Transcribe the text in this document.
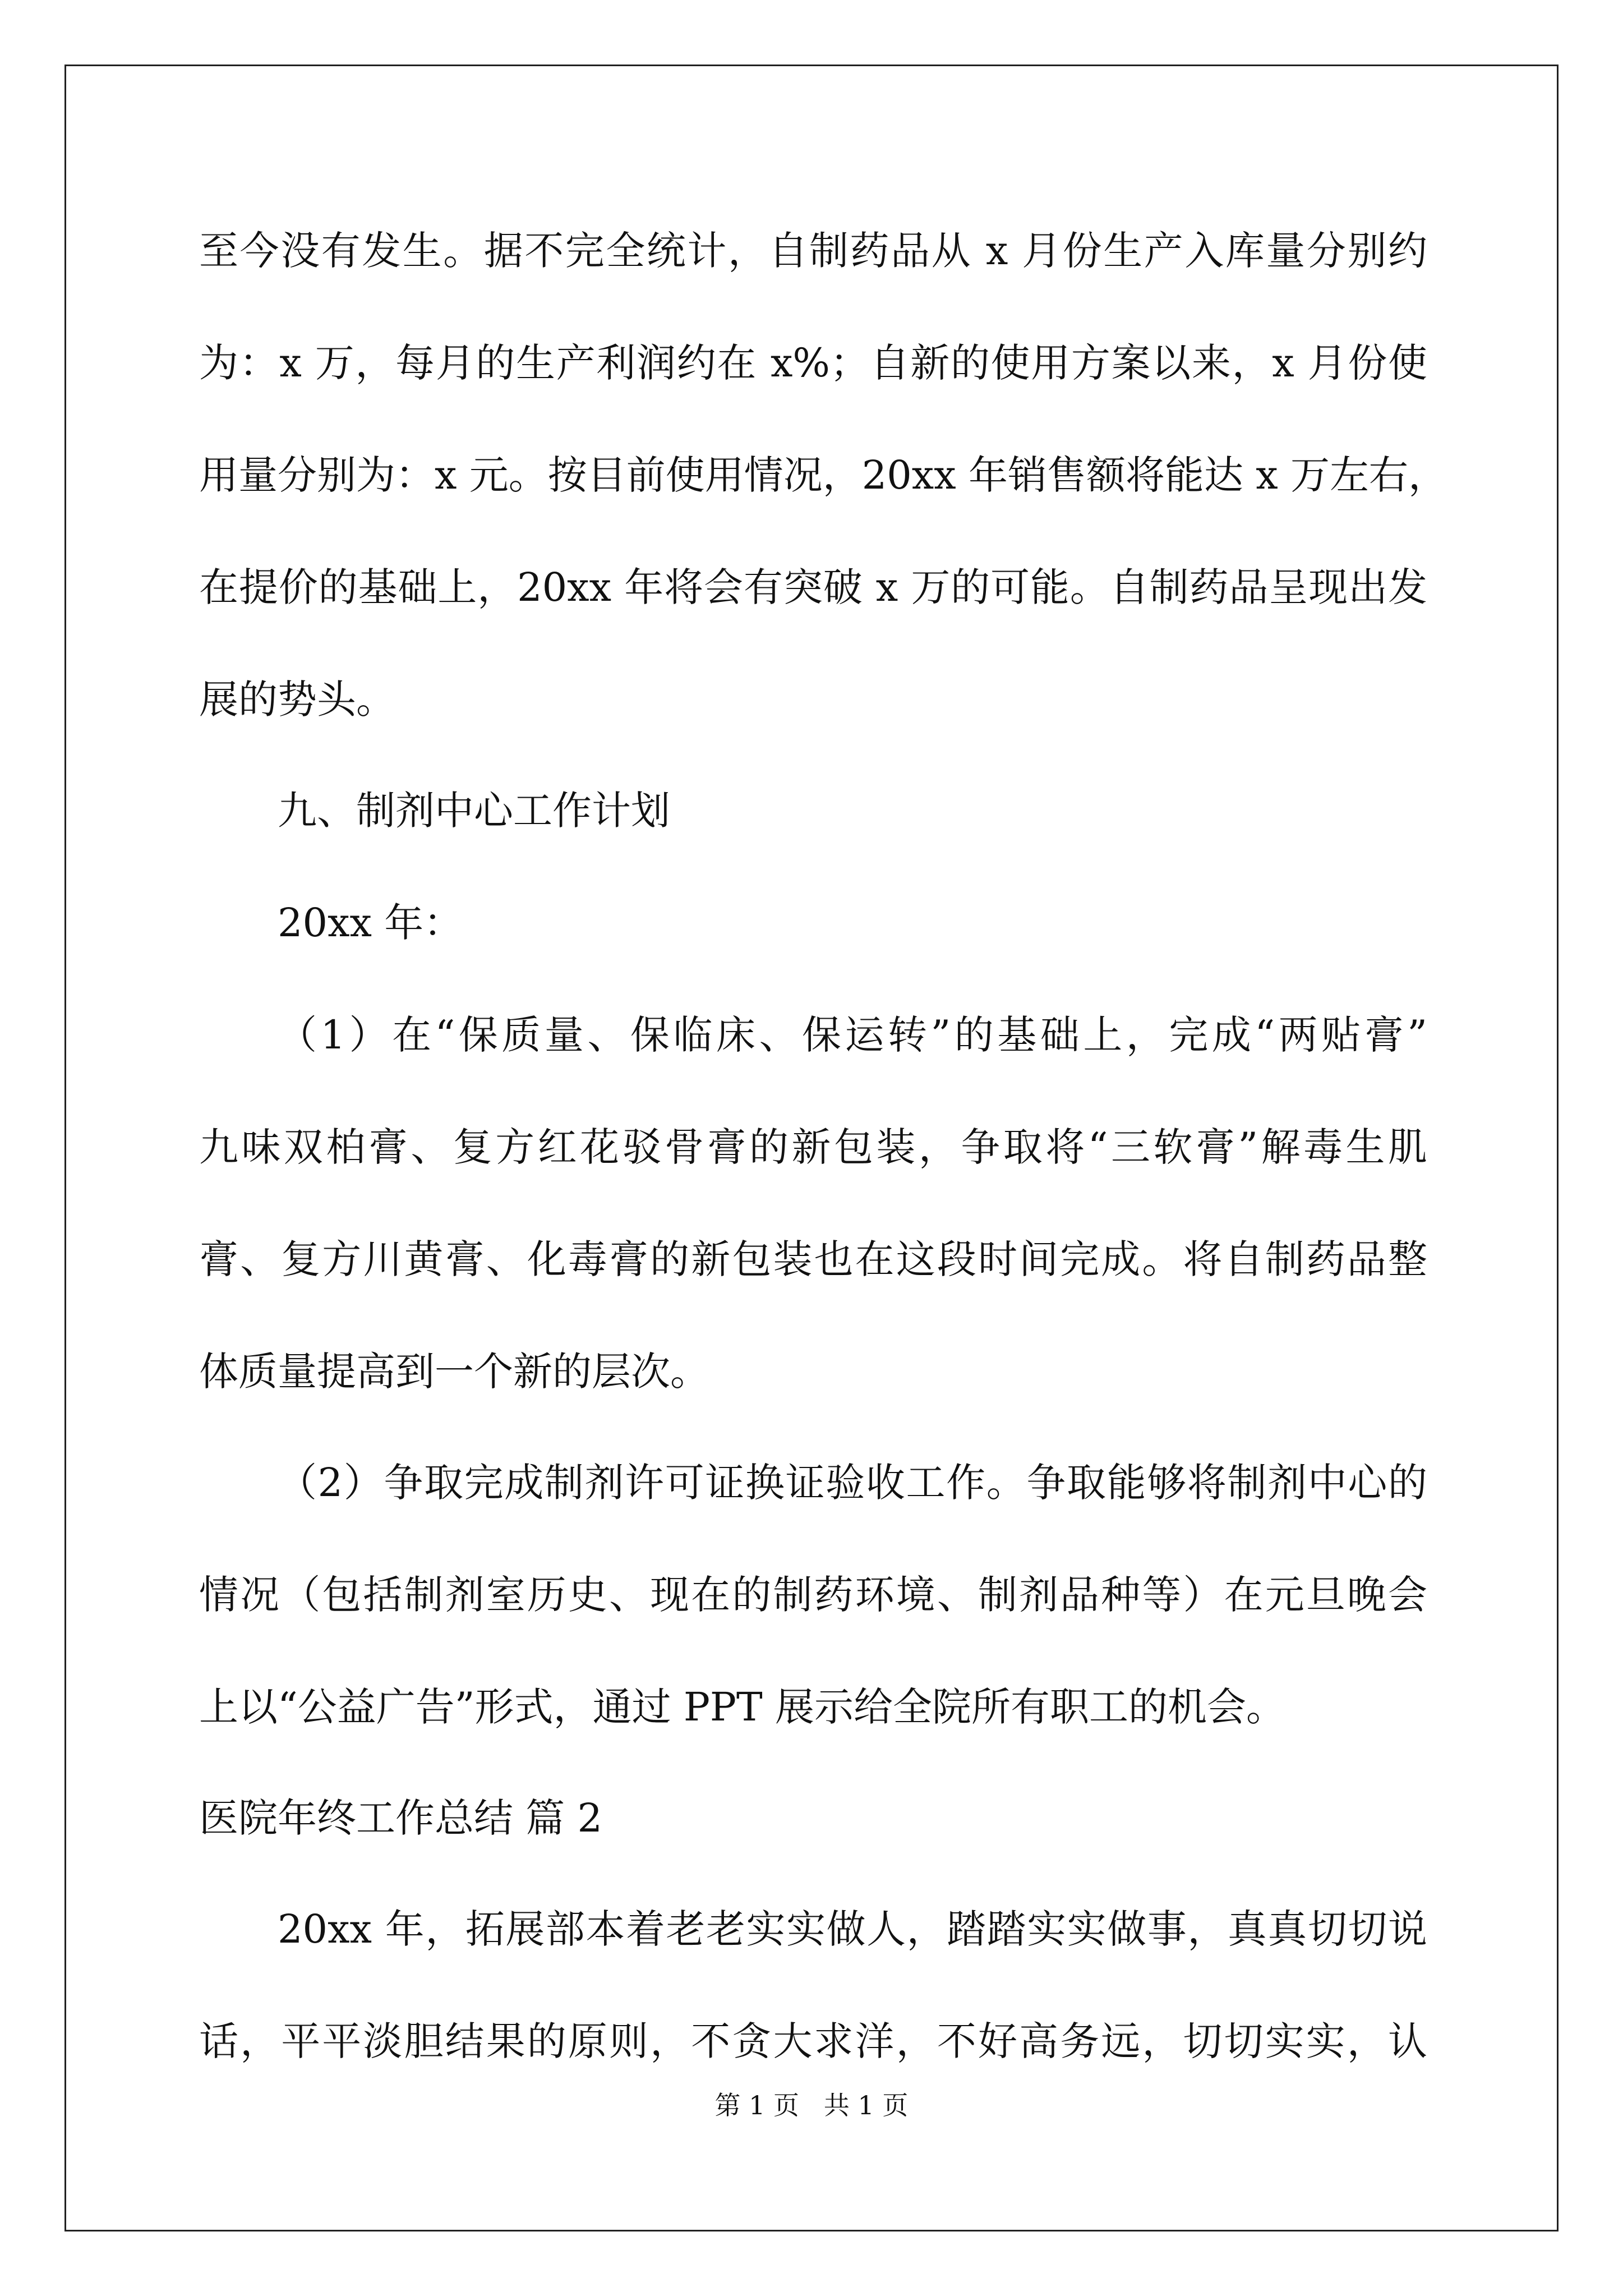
至今没有发生。据不完全统计，自制药品从 x 月份生产入库量分别约
为：x 万，每月的生产利润约在 x%；自新的使用方案以来，x 月份使
用量分别为：x 元。按目前使用情况，20xx 年销售额将能达 x 万左右，
在提价的基础上，20xx 年将会有突破 x 万的可能。自制药品呈现出发
展的势头。
九、制剂中心工作计划
20xx 年：
（1）在“保质量、保临床、保运转”的基础上，完成“两贴膏”
九味双柏膏、复方红花驳骨膏的新包装，争取将“三软膏”解毒生肌
膏、复方川黄膏、化毒膏的新包装也在这段时间完成。将自制药品整
体质量提高到一个新的层次。
（2）争取完成制剂许可证换证验收工作。争取能够将制剂中心的
情况（包括制剂室历史、现在的制药环境、制剂品种等）在元旦晚会
上以“公益广告”形式，通过 PPT 展示给全院所有职工的机会。
医院年终工作总结 篇 2
20xx 年，拓展部本着老老实实做人，踏踏实实做事，真真切切说
话，平平淡胆结果的原则，不贪大求洋，不好高务远，切切实实，认
第 1 页   共 1 页
